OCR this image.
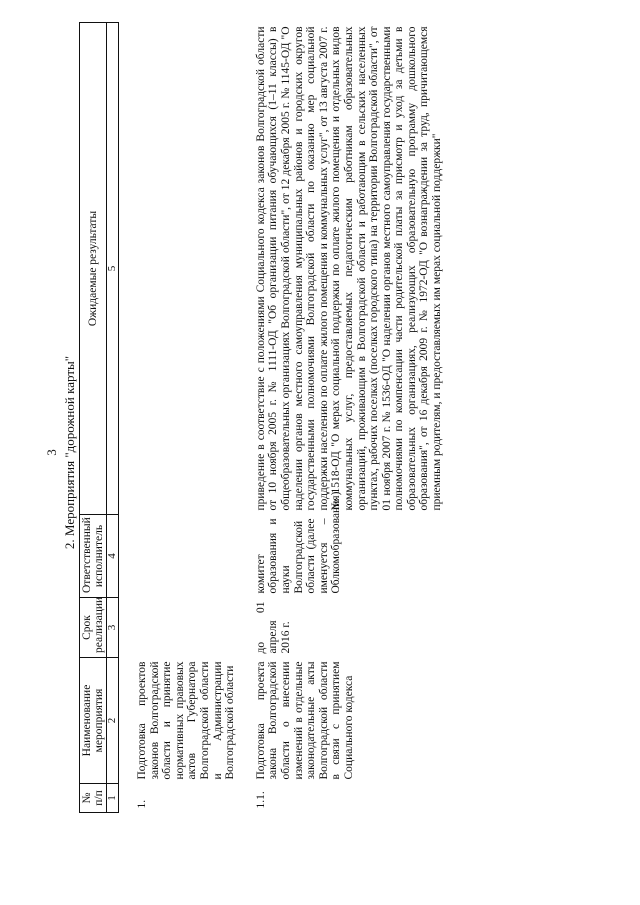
3 2. Мероприятия "дорожной карты"
№ п/п	Наименование мероприятия	Срок реализации	Ответственный исполнитель	Ожидаемые результаты
1	2	3	4	5

1.	Подготовка проектов законов Волгоградской области и принятие нормативных правовых актов Губернатора Волгоградской области и Администрации Волгоградской области			

1.1.	Подготовка проекта закона Волгоградской области о внесении изменений в отдельные законодательные акты Волгоградской области в связи с принятием Социального кодекса	до 01 апреля 2016 г.	комитет образования и науки Волгоградской области (далее именуется – Облкомобразования)	приведение в соответствие с положениями Социального кодекса законов Волгоградской области от 10 ноября 2005 г. № 1111-ОД "Об организации питания обучающихся (1–11 классы) в общеобразовательных организациях Волгоградской области", от 12 декабря 2005 г. № 1145-ОД "О наделении органов местного самоуправления муниципальных районов и городских округов государственными полномочиями Волгоградской области по оказанию мер социальной поддержки населению по оплате жилого помещения и коммунальных услуг", от 13 августа 2007 г. № 1518-ОД "О мерах социальной поддержки по оплате жилого помещения и отдельных видов коммунальных услуг, предоставляемых педагогическим работникам образовательных организаций, проживающим в Волгоградской области и работающим в сельских населенных пунктах, рабочих поселках (поселках городского типа) на территории Волгоградской области", от 01 ноября 2007 г. № 1536-ОД "О наделении органов местного самоуправления государственными полномочиями по компенсации части родительской платы за присмотр и уход за детьми в образовательных организациях, реализующих образовательную программу дошкольного образования", от 16 декабря 2009 г. № 1972-ОД "О вознаграждении за труд, причитающемся приемным родителям, и предоставляемых им мерах социальной поддержки"
